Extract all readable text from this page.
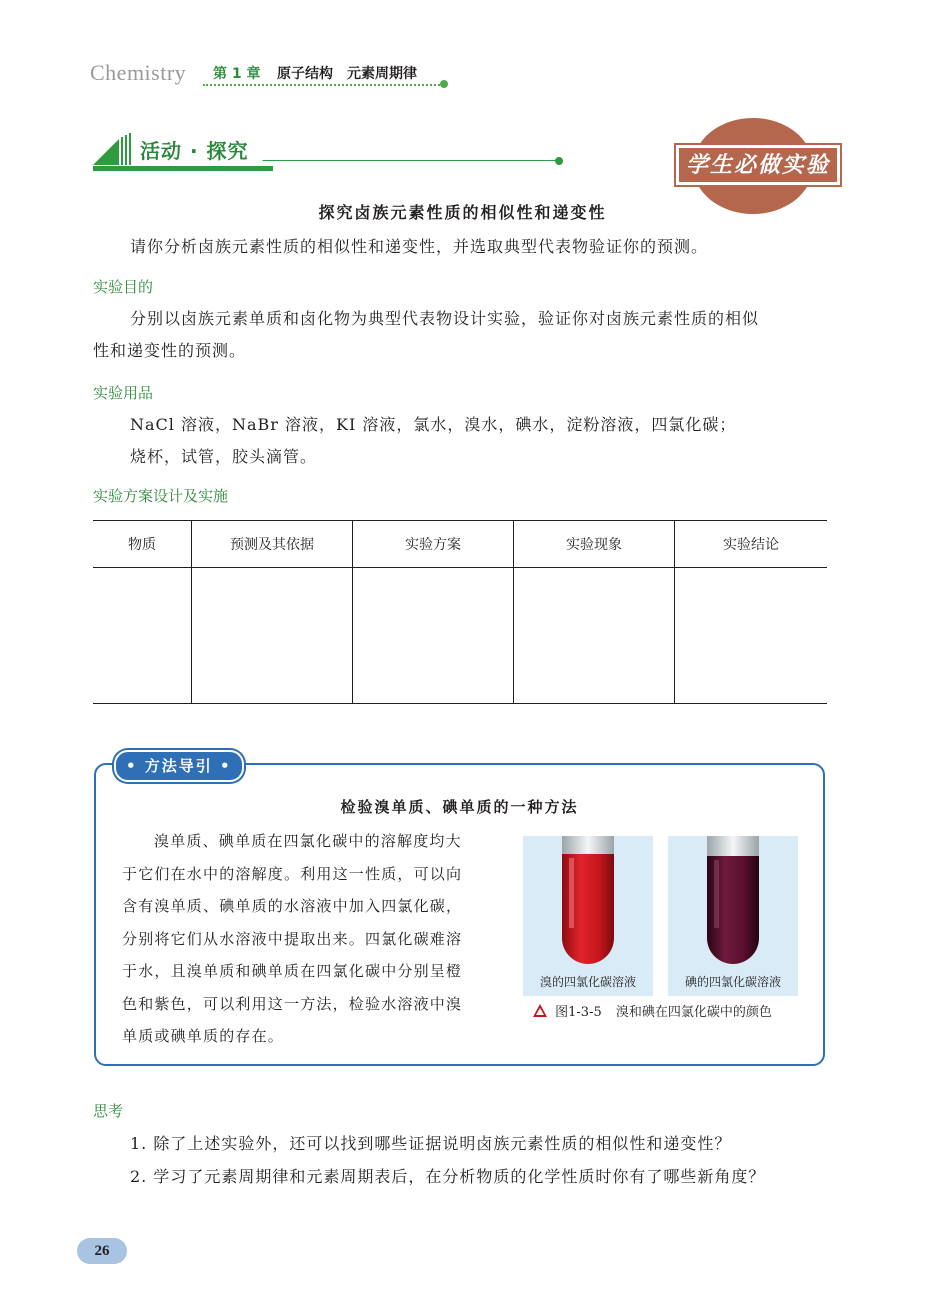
Chemistry 第 1 章 原子结构　元素周期律
活动 · 探究
学生必做实验
探究卤族元素性质的相似性和递变性
请你分析卤族元素性质的相似性和递变性，并选取典型代表物验证你的预测。
实验目的
分别以卤族元素单质和卤化物为典型代表物设计实验，验证你对卤族元素性质的相似
性和递变性的预测。
实验用品
NaCl 溶液，NaBr 溶液，KI 溶液，氯水，溴水，碘水，淀粉溶液，四氯化碳；
烧杯，试管，胶头滴管。
实验方案设计及实施
物质	预测及其依据	实验方案	实验现象	实验结论

• 方法导引 •
检验溴单质、碘单质的一种方法
溴单质、碘单质在四氯化碳中的溶解度均大
于它们在水中的溶解度。利用这一性质，可以向
含有溴单质、碘单质的水溶液中加入四氯化碳，
分别将它们从水溶液中提取出来。四氯化碳难溶
于水，且溴单质和碘单质在四氯化碳中分别呈橙
色和紫色，可以利用这一方法，检验水溶液中溴
单质或碘单质的存在。
溴的四氯化碳溶液	碘的四氯化碳溶液
图1-3-5 溴和碘在四氯化碳中的颜色
思考
1. 除了上述实验外，还可以找到哪些证据说明卤族元素性质的相似性和递变性？
2. 学习了元素周期律和元素周期表后，在分析物质的化学性质时你有了哪些新角度？
26
